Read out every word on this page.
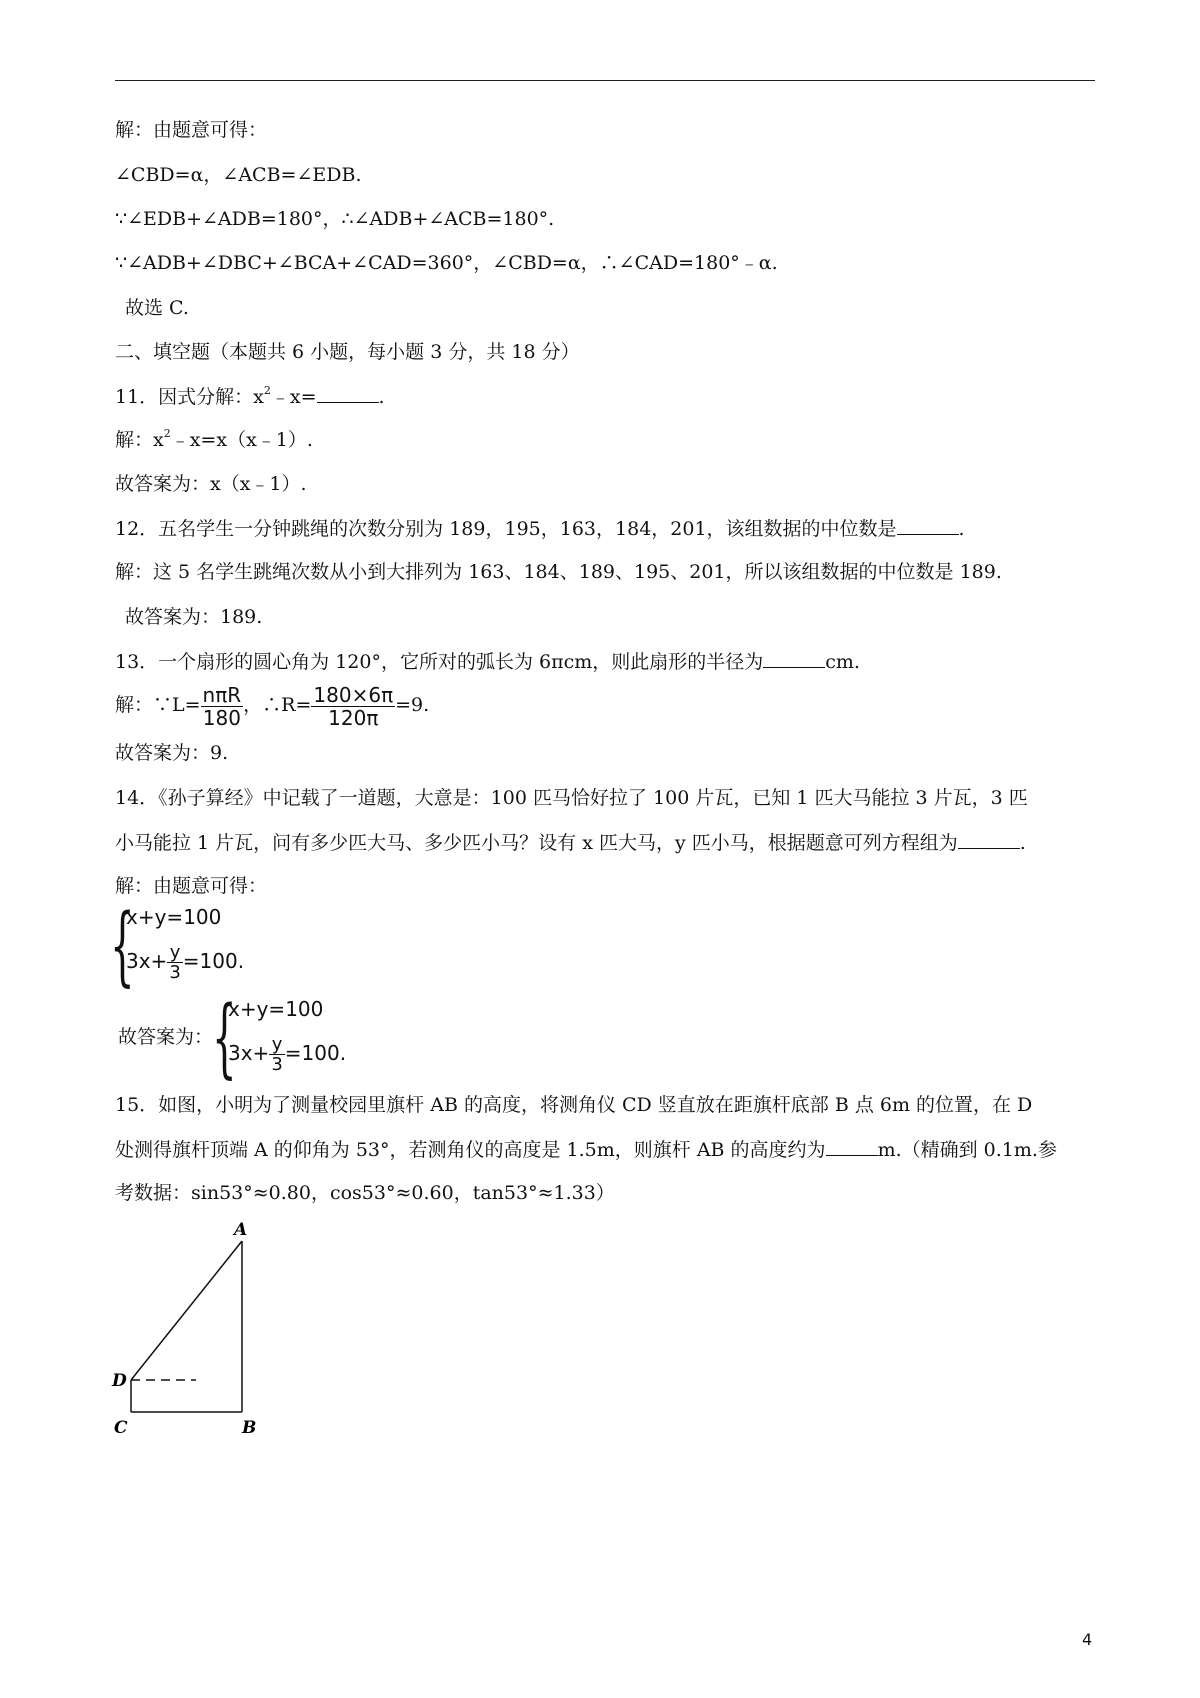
解：由题意可得：
∠CBD=α，∠ACB=∠EDB.
∵∠EDB+∠ADB=180°，∴∠ADB+∠ACB=180°.
∵∠ADB+∠DBC+∠BCA+∠CAD=360°，∠CBD=α，∴∠CAD=180°﹣α.
故选 C.
二、填空题（本题共 6 小题，每小题 3 分，共 18 分）
11．因式分解：$x^2﹣x=$	.
解：$x^2﹣x=x(x﹣1)$.
故答案为：x（x﹣1）.
12．五名学生一分钟跳绳的次数分别为 189，195，163，184，201，该组数据的中位数是	.
解：这 5 名学生跳绳次数从小到大排列为 163、184、189、195、201，所以该组数据的中位数是 189.
故答案为：189.
13．一个扇形的圆心角为 120°，它所对的弧长为 6πcm，则此扇形的半径为	cm.
解：∵L= $\frac{\text{nπR}}{180}$ ，∴R= $\frac{180\times 6\pi}{120\pi} =9$.
故答案为：9.
14．《孙子算经》中记载了一道题，大意是：100 匹马恰好拉了 100 片瓦，已知 1 匹大马能拉 3 片瓦，3 匹
小马能拉 1 片瓦，问有多少匹大马、多少匹小马？设有 x 匹大马，y 匹小马，根据题意可列方程组为	.
解：由题意可得：
{
x+y=100
$3x+ \frac{y}{3} =100$.
故答案为：
{
x+y=100
$3x+ \frac{y}{3} =100$.
15．如图，小明为了测量校园里旗杆 AB 的高度，将测角仪 CD 竖直放在距旗杆底部 B 点 6m 的位置，在 D
处测得旗杆顶端 A 的仰角为 53°，若测角仪的高度是 1.5m，则旗杆 AB 的高度约为	m.（精确到 0.1m.参
考数据：sin53°≈0.80，cos53°≈0.60，tan53°≈1.33）
A
D
C	B
4
